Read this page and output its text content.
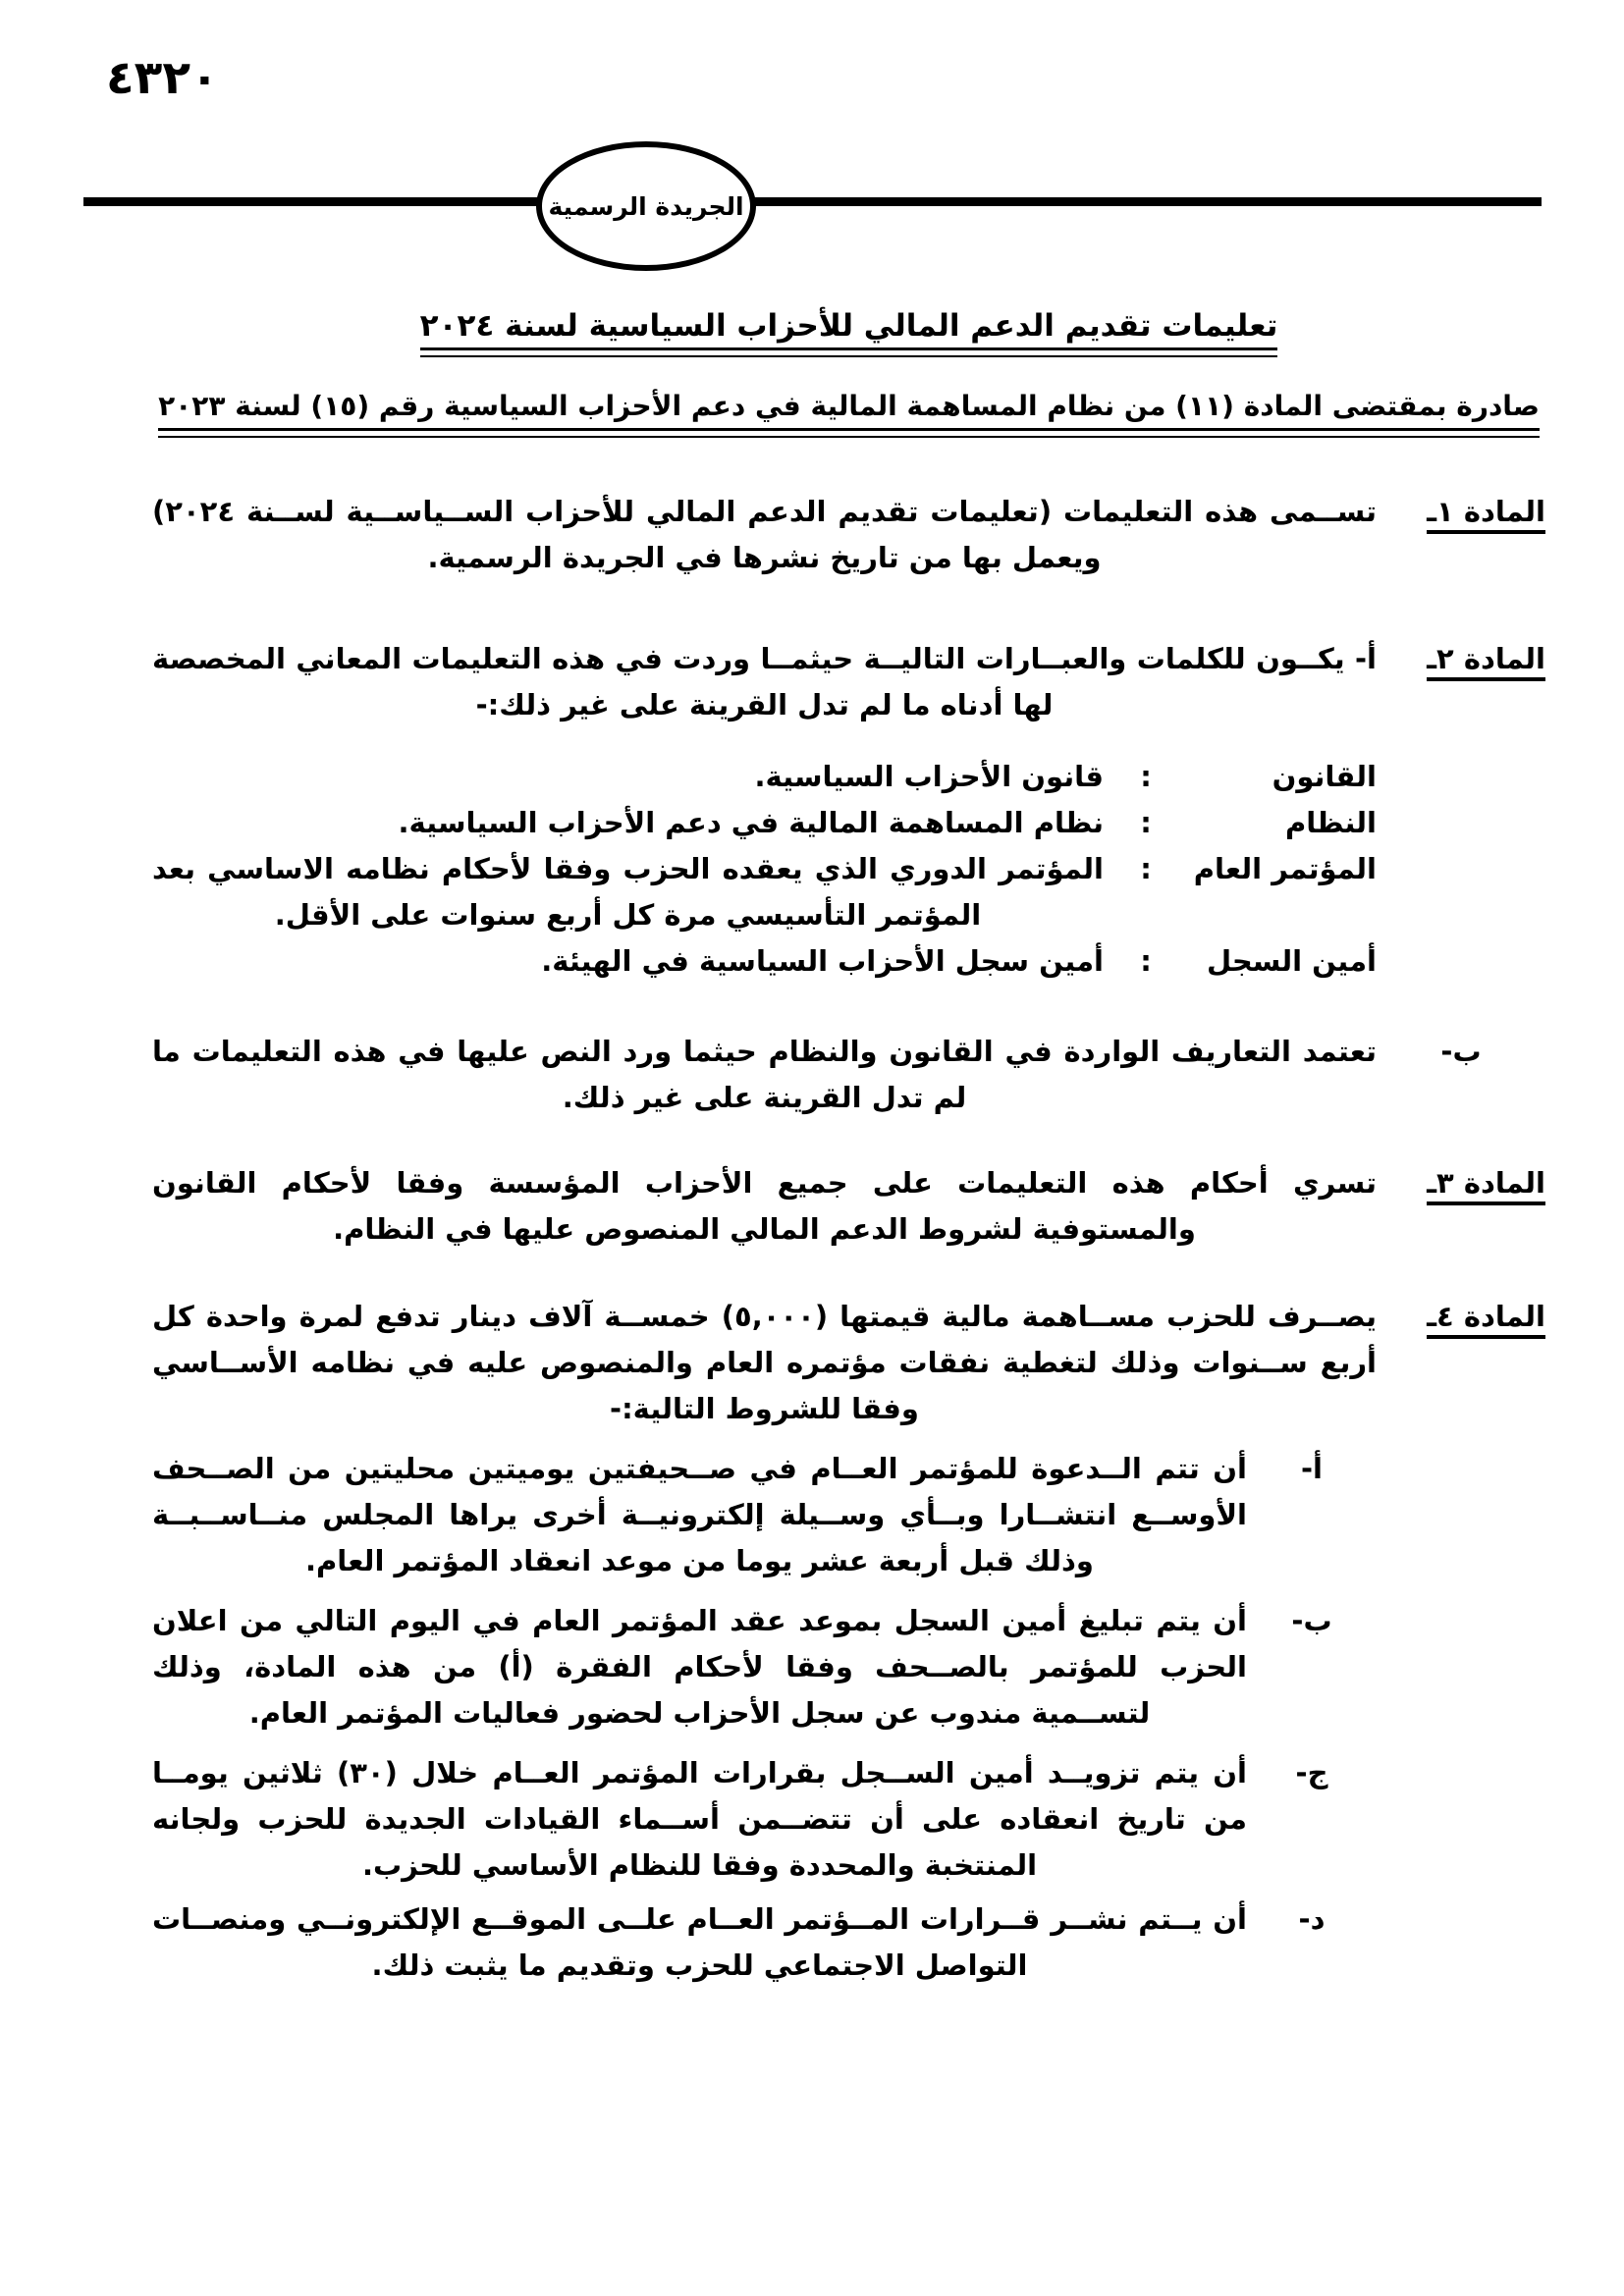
٤٣٢٠
الجريدة الرسمية
تعليمات تقديم الدعم المالي للأحزاب السياسية لسنة ٢٠٢٤
صادرة بمقتضى المادة (١١) من نظام المساهمة المالية في دعم الأحزاب السياسية رقم (١٥) لسنة ٢٠٢٣
المادة ١ـ
تســمى هذه التعليمات (تعليمات تقديم الدعم المالي للأحزاب الســياســية لســنة ٢٠٢٤) ويعمل بها من تاريخ نشرها في الجريدة الرسمية.
المادة ٢ـ
أ- يكــون للكلمات والعبــارات التاليــة حيثمــا وردت في هذه التعليمات المعاني المخصصة لها أدناه ما لم تدل القرينة على غير ذلك:-
القانون
:
قانون الأحزاب السياسية.
النظام
:
نظام المساهمة المالية في دعم الأحزاب السياسية.
المؤتمر العام
:
المؤتمر الدوري الذي يعقده الحزب وفقا لأحكام نظامه الاساسي بعد المؤتمر التأسيسي مرة كل أربع سنوات على الأقل.
أمين السجل
:
أمين سجل الأحزاب السياسية في الهيئة.
ب-
تعتمد التعاريف الواردة في القانون والنظام حيثما ورد النص عليها في هذه التعليمات ما لم تدل القرينة على غير ذلك.
المادة ٣ـ
تسري أحكام هذه التعليمات على جميع الأحزاب المؤسسة وفقا لأحكام القانون والمستوفية لشروط الدعم المالي المنصوص عليها في النظام.
المادة ٤ـ
يصــرف للحزب مســاهمة مالية قيمتها (٥,٠٠٠) خمســة آلاف دينار تدفع لمرة واحدة كل أربع ســنوات وذلك لتغطية نفقات مؤتمره العام والمنصوص عليه في نظامه الأســاسي وفقا للشروط التالية:-
أ-
أن تتم الــدعوة للمؤتمر العــام في صــحيفتين يوميتين محليتين من الصــحف الأوســع انتشــارا وبــأي وســيلة إلكترونيــة أخرى يراها المجلس منــاســبــة وذلك قبل أربعة عشر يوما من موعد انعقاد المؤتمر العام.
ب-
أن يتم تبليغ أمين السجل بموعد عقد المؤتمر العام في اليوم التالي من اعلان الحزب للمؤتمر بالصــحف وفقا لأحكام الفقرة (أ) من هذه المادة، وذلك لتســمية مندوب عن سجل الأحزاب لحضور فعاليات المؤتمر العام.
ج-
أن يتم تزويــد أمين الســجل بقرارات المؤتمر العــام خلال (٣٠) ثلاثين يومــا من تاريخ انعقاده على أن تتضــمن أســماء القيادات الجديدة للحزب ولجانه المنتخبة والمحددة وفقا للنظام الأساسي للحزب.
د-
أن يــتم نشــر قــرارات المــؤتمر العــام علــى الموقــع الإلكترونــي ومنصــات التواصل الاجتماعي للحزب وتقديم ما يثبت ذلك.
